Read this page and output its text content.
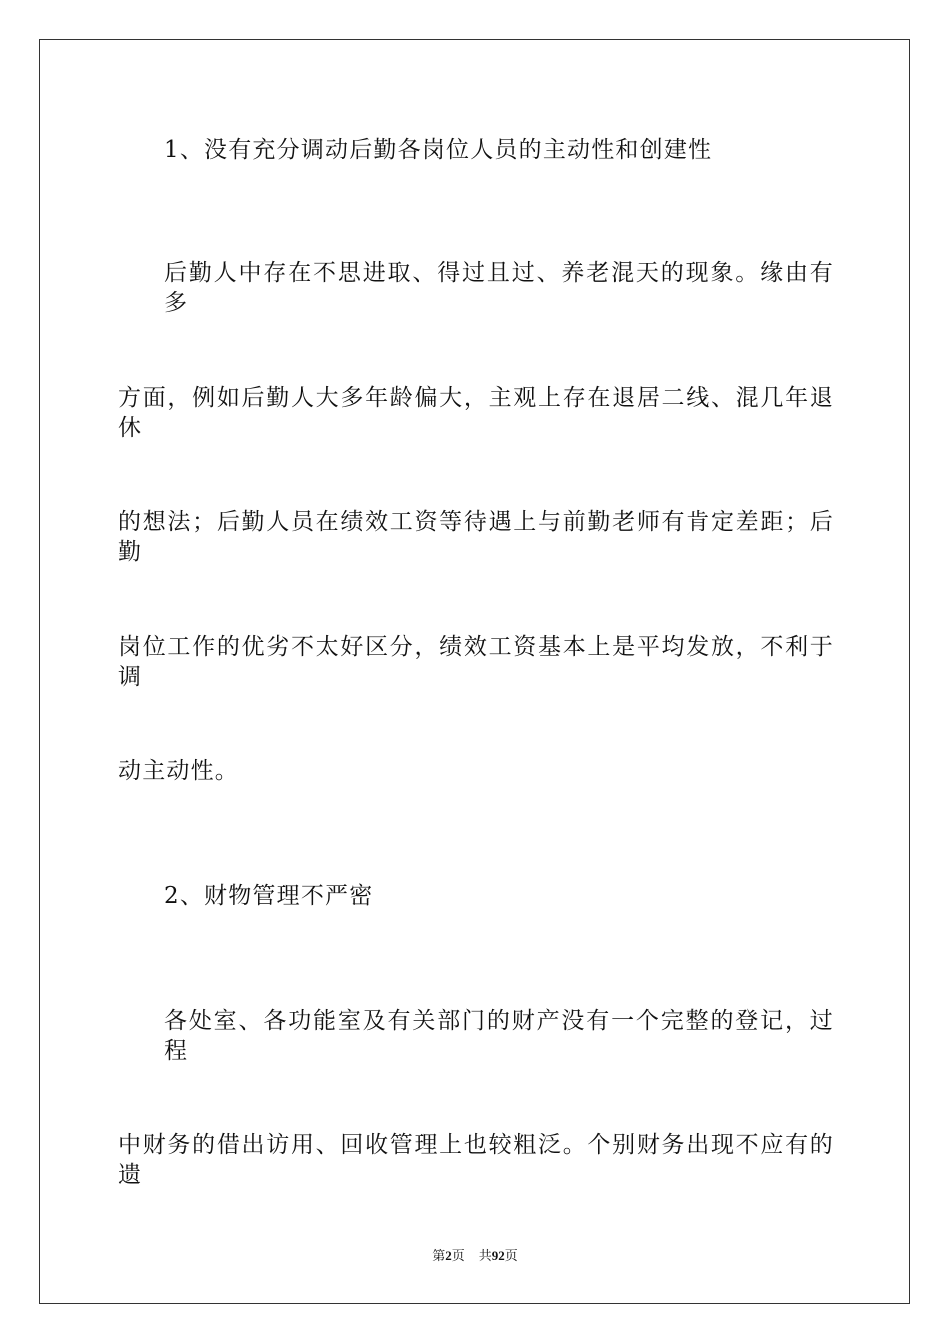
1、没有充分调动后勤各岗位人员的主动性和创建性
后勤人中存在不思进取、得过且过、养老混天的现象。缘由有多
方面，例如后勤人大多年龄偏大，主观上存在退居二线、混几年退休
的想法；后勤人员在绩效工资等待遇上与前勤老师有肯定差距；后勤
岗位工作的优劣不太好区分，绩效工资基本上是平均发放，不利于调
动主动性。
2、财物管理不严密
各处室、各功能室及有关部门的财产没有一个完整的登记，过程
中财务的借出访用、回收管理上也较粗泛。个别财务出现不应有的遗
第2页 共92页
